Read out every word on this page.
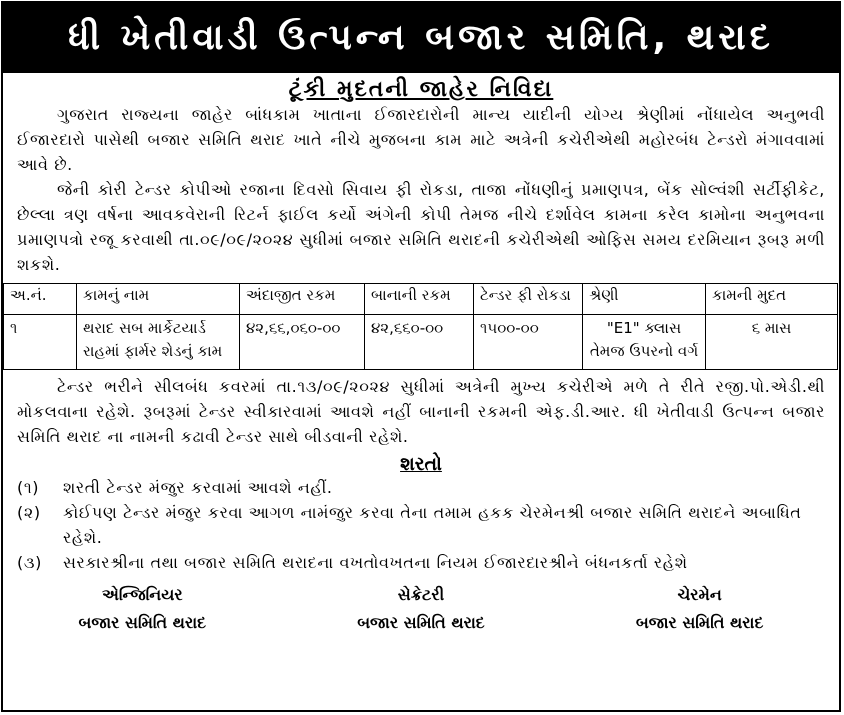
ધી ખેતીવાડી ઉત્પન્ન બજાર સમિતિ, થરાદ
ટૂંકી મુદતની જાહેર નિવિદા
ગુજરાત રાજ્યના જાહેર બાંધકામ ખાતાના ઈજારદારોની માન્ય યાદીની યોગ્ય શ્રેણીમાં નોંધાયેલ અનુભવી ઈજારદારો પાસેથી બજાર સમિતિ થરાદ ખાતે નીચે મુજબના કામ માટે અત્રેની કચેરીએથી મહોરબંધ ટેન્ડરો મંગાવવામાં આવે છે.
જેની કોરી ટેન્ડર કોપીઓ રજાના દિવસો સિવાય ફી રોકડા, તાજા નોંધણીનું પ્રમાણપત્ર, બેંક સોલ્વંશી સર્ટીફીકેટ, છેલ્લા ત્રણ વર્ષના આવકવેરાની રિટર્ન ફાઈલ કર્યો અંગેની કોપી તેમજ નીચે દર્શાવેલ કામના કરેલ કામોના અનુભવના પ્રમાણપત્રો રજૂ કરવાથી તા.૦૯/૦૯/૨૦૨૪ સુધીમાં બજાર સમિતિ થરાદની કચેરીએથી ઓફિસ સમય દરમિયાન રૂબરૂ મળી શકશે.
અ.નં.	કામનું નામ	અંદાજીત રકમ	બાનાની રકમ	ટેન્ડર ફી રોકડા	શ્રેણી	કામની મુદત
૧	થરાદ સબ માર્કેટયાર્ડ રાહમાં ફાર્મર શેડનું કામ	૪૨,૬૬,૦૬૦-૦૦	૪૨,૬૬૦-૦૦	૧૫૦૦-૦૦	"E1" ક્લાસ તેમજ ઉપરનો વર્ગ	૬ માસ
ટેન્ડર ભરીને સીલબંધ કવરમાં તા.૧૩/૦૯/૨૦૨૪ સુધીમાં અત્રેની મુખ્ય કચેરીએ મળે તે રીતે રજી.પો.એડી.થી મોકલવાના રહેશે. રૂબરૂમાં ટેન્ડર સ્વીકારવામાં આવશે નહીં બાનાની રકમની એફ.ડી.આર. ધી ખેતીવાડી ઉત્પન્ન બજાર સમિતિ થરાદ ના નામની કઢાવી ટેન્ડર સાથે બીડવાની રહેશે.
શરતો
(૧)	શરતી ટેન્ડર મંજુર કરવામાં આવશે નહીં.
(૨)	કોઈપણ ટેન્ડર મંજુર કરવા આગળ નામંજુર કરવા તેના તમામ હકક ચેરમેનશ્રી બજાર સમિતિ થરાદને અબાધિત રહેશે.
(૩)	સરકારશ્રીના તથા બજાર સમિતિ થરાદના વખતોવખતના નિયમ ઈજારદારશ્રીને બંધનકર્તા રહેશે
એન્જિનિયર
બજાર સમિતિ થરાદ
સેક્રેટરી
બજાર સમિતિ થરાદ
ચેરમેન
બજાર સમિતિ થરાદ
